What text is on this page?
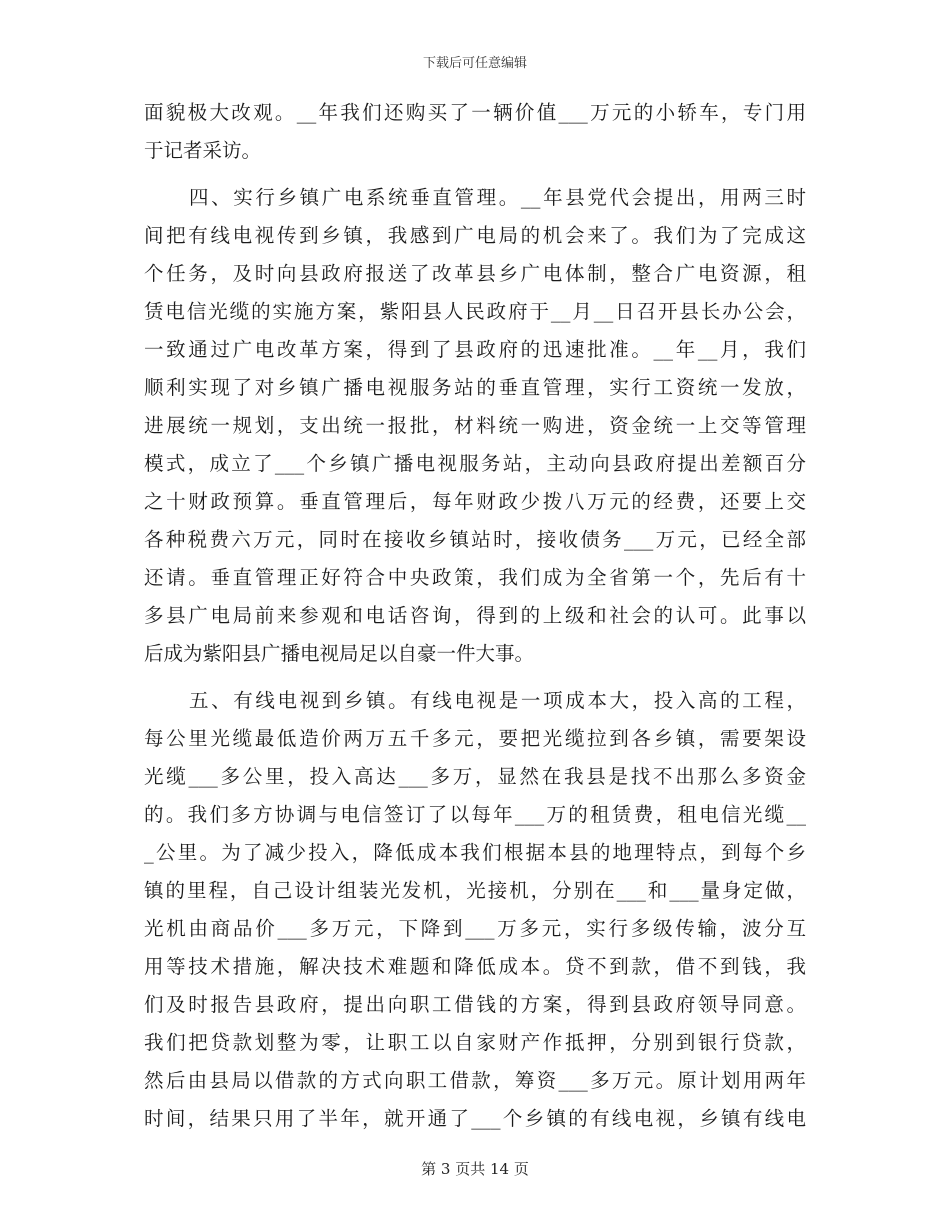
下载后可任意编辑
面貌极大改观。__年我们还购买了一辆价值___万元的小轿车，专门用
于记者采访。
四、实行乡镇广电系统垂直管理。__年县党代会提出，用两三时
间把有线电视传到乡镇，我感到广电局的机会来了。我们为了完成这
个任务，及时向县政府报送了改革县乡广电体制，整合广电资源，租
赁电信光缆的实施方案，紫阳县人民政府于__月__日召开县长办公会，
一致通过广电改革方案，得到了县政府的迅速批准。__年__月，我们
顺利实现了对乡镇广播电视服务站的垂直管理，实行工资统一发放，
进展统一规划，支出统一报批，材料统一购进，资金统一上交等管理
模式，成立了___个乡镇广播电视服务站，主动向县政府提出差额百分
之十财政预算。垂直管理后，每年财政少拨八万元的经费，还要上交
各种税费六万元，同时在接收乡镇站时，接收债务___万元，已经全部
还请。垂直管理正好符合中央政策，我们成为全省第一个，先后有十
多县广电局前来参观和电话咨询，得到的上级和社会的认可。此事以
后成为紫阳县广播电视局足以自豪一件大事。
五、有线电视到乡镇。有线电视是一项成本大，投入高的工程，
每公里光缆最低造价两万五千多元，要把光缆拉到各乡镇，需要架设
光缆___多公里，投入高达___多万，显然在我县是找不出那么多资金
的。我们多方协调与电信签订了以每年___万的租赁费，租电信光缆__
_公里。为了减少投入，降低成本我们根据本县的地理特点，到每个乡
镇的里程，自己设计组装光发机，光接机，分别在___和___量身定做，
光机由商品价___多万元，下降到___万多元，实行多级传输，波分互
用等技术措施，解决技术难题和降低成本。贷不到款，借不到钱，我
们及时报告县政府，提出向职工借钱的方案，得到县政府领导同意。
我们把贷款划整为零，让职工以自家财产作抵押，分别到银行贷款，
然后由县局以借款的方式向职工借款，筹资___多万元。原计划用两年
时间，结果只用了半年，就开通了___个乡镇的有线电视，乡镇有线电
第 3 页共 14 页
